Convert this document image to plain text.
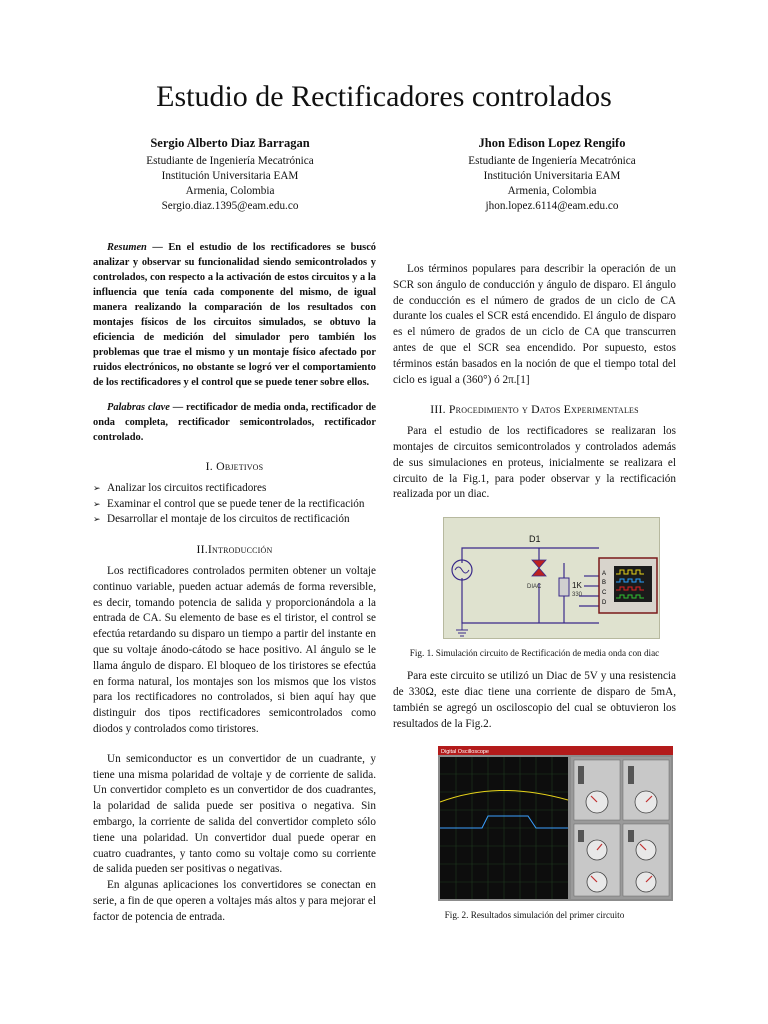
Estudio de Rectificadores controlados
Sergio Alberto Diaz Barragan
Estudiante de Ingeniería Mecatrónica
Institución Universitaria EAM
Armenia, Colombia
Sergio.diaz.1395@eam.edu.co
Jhon Edison Lopez Rengifo
Estudiante de Ingeniería Mecatrónica
Institución Universitaria EAM
Armenia, Colombia
jhon.lopez.6114@eam.edu.co

Resumen — En el estudio de los rectificadores se buscó analizar y observar su funcionalidad siendo semicontrolados y controlados, con respecto a la activación de estos circuitos y a la influencia que tenía cada componente del mismo, de igual manera realizando la comparación de los resultados con montajes físicos de los circuitos simulados, se obtuvo la eficiencia de medición del simulador pero también los problemas que trae el mismo y un montaje físico afectado por ruidos electrónicos, no obstante se logró ver el comportamiento de los rectificadores y el control que se puede tener sobre ellos.

Palabras clave — rectificador de media onda, rectificador de onda completa, rectificador semicontrolados, rectificador controlado.

I. Objetivos
➢ Analizar los circuitos rectificadores
➢ Examinar el control que se puede tener de la rectificación
➢ Desarrollar el montaje de los circuitos de rectificación
II.Introducción

Los rectificadores controlados permiten obtener un voltaje continuo variable, pueden actuar además de forma reversible, es decir, tomando potencia de salida y proporcionándola a la entrada de CA. Su elemento de base es el tiristor, el control se efectúa retardando su disparo un tiempo a partir del instante en que su voltaje ánodo-cátodo se hace positivo. Al ángulo se le llama ángulo de disparo. El bloqueo de los tiristores se efectúa en forma natural, los montajes son los mismos que los vistos para los rectificadores no controlados, si bien aquí hay que distinguir dos tipos rectificadores semicontrolados como diodos y controlados como tiristores.

Un semiconductor es un convertidor de un cuadrante, y tiene una misma polaridad de voltaje y de corriente de salida. Un convertidor completo es un convertidor de dos cuadrantes, la polaridad de salida puede ser positiva o negativa. Sin embargo, la corriente de salida del convertidor completo sólo tiene una polaridad. Un convertidor dual puede operar en cuatro cuadrantes, y tanto como su voltaje como su corriente de salida pueden ser positivas o negativas.

En algunas aplicaciones los convertidores se conectan en serie, a fin de que operen a voltajes más altos y para mejorar el factor de potencia de entrada.

Los términos populares para describir la operación de un SCR son ángulo de conducción y ángulo de disparo. El ángulo de conducción es el número de grados de un ciclo de CA durante los cuales el SCR está encendido. El ángulo de disparo es el número de grados de un ciclo de CA que transcurren antes de que el SCR sea encendido. Por supuesto, estos términos están basados en la noción de que el tiempo total del ciclo es igual a (360°) ó 2π.[1]

III. Procedimiento y Datos Experimentales

Para el estudio de los rectificadores se realizaran los montajes de circuitos semicontrolados y controlados además de sus simulaciones en proteus, inicialmente se realizara el circuito de la Fig.1, para poder observar y la rectificación realizada por un diac.

D1
DIAC	1K
330
A
B
C
D
Fig. 1. Simulación circuito de Rectificación de media onda con diac

Para este circuito se utilizó un Diac de 5V y una resistencia de 330Ω, este diac tiene una corriente de disparo de 5mA, también se agregó un osciloscopio del cual se obtuvieron los resultados de la Fig.2.

Digital Oscilloscope
Fig. 2. Resultados simulación del primer circuito
